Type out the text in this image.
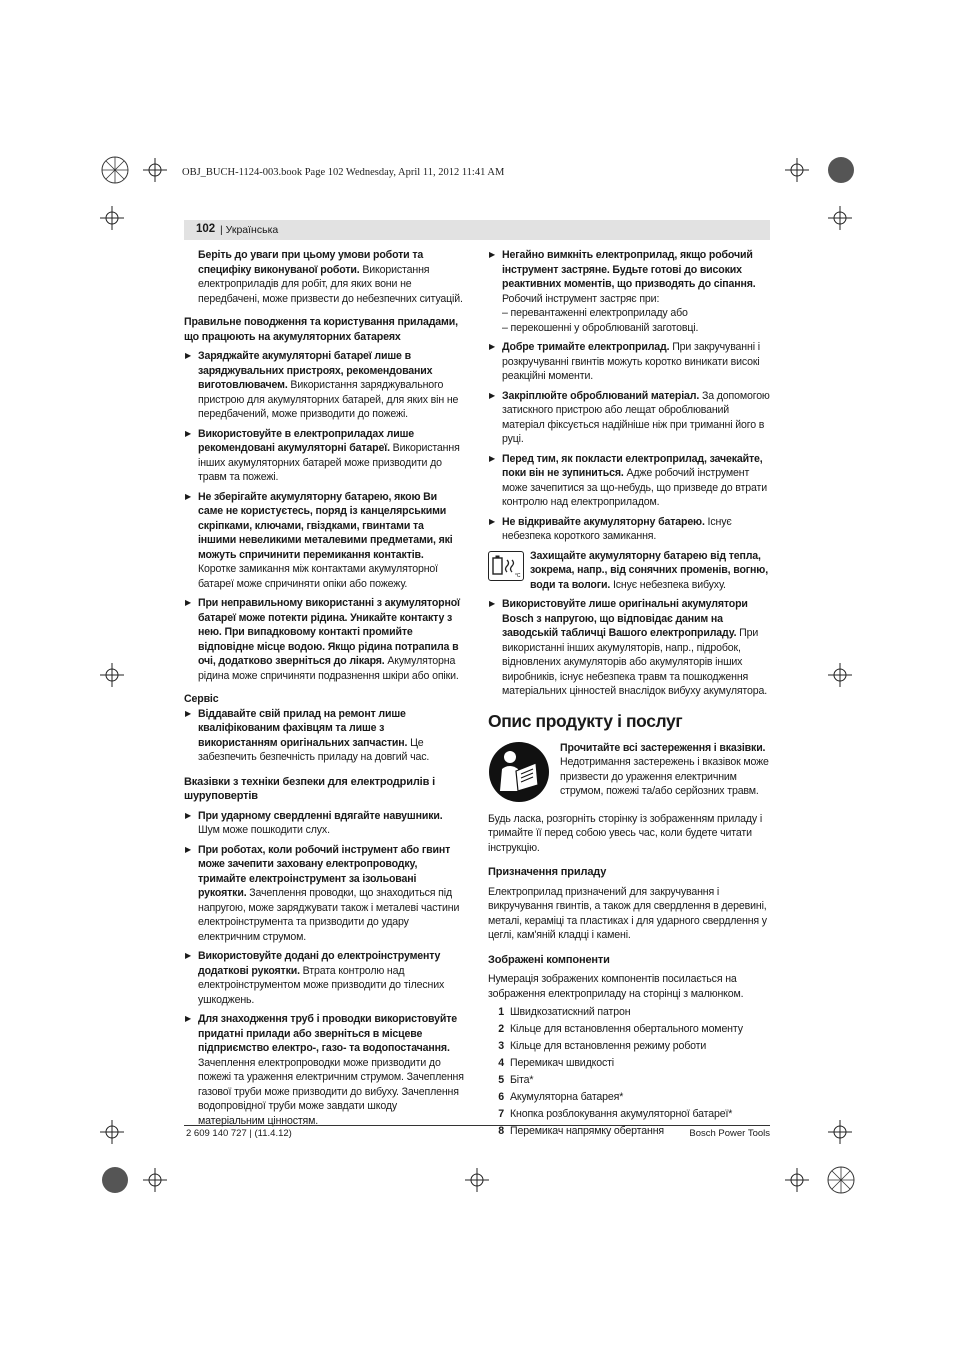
OBJ_BUCH-1124-003.book Page 102 Wednesday, April 11, 2012 11:41 AM
102 | Українська

Беріть до уваги при цьому умови роботи та специфіку виконуваної роботи. Використання електроприладів для робіт, для яких вони не передбачені, може призвести до небезпечних ситуацій.

Правильне поводження та користування приладами, що працюють на акумуляторних батареях

▶ Заряджайте акумуляторні батареї лише в заряджувальних пристроях, рекомендованих виготовлювачем. Використання заряджувального пристрою для акумуляторних батарей, для яких він не передбачений, може призводити до пожежі.

▶ Використовуйте в електроприладах лише рекомендовані акумуляторні батареї. Використання інших акумуляторних батарей може призводити до травм та пожежі.

▶ Не зберігайте акумуляторну батарею, якою Ви саме не користуєтесь, поряд із канцелярськими скріпками, ключами, гвіздками, гвинтами та іншими невеликими металевими предметами, які можуть спричинити перемикання контактів. Коротке замикання між контактами акумуляторної батареї може спричиняти опіки або пожежу.

▶ При неправильному використанні з акумуляторної батареї може потекти рідина. Уникайте контакту з нею. При випадковому контакті промийте відповідне місце водою. Якщо рідина потрапила в очі, додатково зверніться до лікаря. Акумуляторна рідина може спричиняти подразнення шкіри або опіки.

Сервіс

▶ Віддавайте свій прилад на ремонт лише кваліфікованим фахівцям та лише з використанням оригінальних запчастин. Це забезпечить безпечність приладу на довгий час.

Вказівки з техніки безпеки для електродрилів і шуруповертів

▶ При ударному свердленні вдягайте навушники. Шум може пошкодити слух.

▶ При роботах, коли робочий інструмент або гвинт може зачепити заховану електропроводку, тримайте електроінструмент за ізольовані рукоятки. Зачеплення проводки, що знаходиться під напругою, може заряджувати також і металеві частини електроінструмента та призводити до удару електричним струмом.

▶ Використовуйте додані до електроінструменту додаткові рукоятки. Втрата контролю над електроінструментом може призводити до тілесних ушкоджень.

▶ Для знаходження труб і проводки використовуйте придатні прилади або зверніться в місцеве підприємство електро-, газо- та водопостачання. Зачеплення електропроводки може призводити до пожежі та ураження електричним струмом. Зачеплення газової труби може призводити до вибуху. Зачеплення водопровідної труби може завдати шкоду матеріальним цінностям.

▶ Негайно вимкніть електроприлад, якщо робочий інструмент застряне. Будьте готові до високих реактивних моментів, що призводять до сіпання. Робочий інструмент застряє при:

– перевантаженні електроприладу або

– перекошенні у оброблюваній заготовці.

▶ Добре тримайте електроприлад. При закручуванні і розкручуванні гвинтів можуть коротко виникати високі реакційні моменти.

▶ Закріплюйте оброблюваний матеріал. За допомогою затискного пристрою або лещат оброблюваний матеріал фіксується надійніше ніж при триманні його в руці.

▶ Перед тим, як покласти електроприлад, зачекайте, поки він не зупиниться. Адже робочий інструмент може зачепитися за що-небудь, що призведе до втрати контролю над електроприладом.

▶ Не відкривайте акумуляторну батарею. Існує небезпека короткого замикання.

°C

Захищайте акумуляторну батарею від тепла, зокрема, напр., від сонячних променів, вогню, води та вологи. Існує небезпека вибуху.

▶ Використовуйте лише оригінальні акумулятори Bosch з напругою, що відповідає даним на заводській табличці Вашого електроприладу. При використанні інших акумуляторів, напр., підробок, відновлених акумуляторів або акумуляторів інших виробників, існує небезпека травм та пошкодження матеріальних цінностей внаслідок вибуху акумулятора.

Опис продукту і послуг

Прочитайте всі застереження і вказівки. Недотримання застережень і вказівок може призвести до ураження електричним струмом, пожежі та/або серйозних травм.

Будь ласка, розгорніть сторінку із зображенням приладу і тримайте її перед собою увесь час, коли будете читати інструкцію.

Призначення приладу

Електроприлад призначений для закручування і викручування гвинтів, а також для свердлення в деревині, металі, кераміці та пластиках і для ударного свердлення у цеглі, кам'яній кладці і камені.

Зображені компоненти

Нумерація зображених компонентів посилається на зображення електроприладу на сторінці з малюнком.

1 Швидкозатискний патрон
2 Кільце для встановлення обертального моменту
3 Кільце для встановлення режиму роботи
4 Перемикач швидкості
5 Біта*
6 Акумуляторна батарея*
7 Кнопка розблокування акумуляторної батареї*
8 Перемикач напрямку обертання
2 609 140 727 | (11.4.12)	Bosch Power Tools
